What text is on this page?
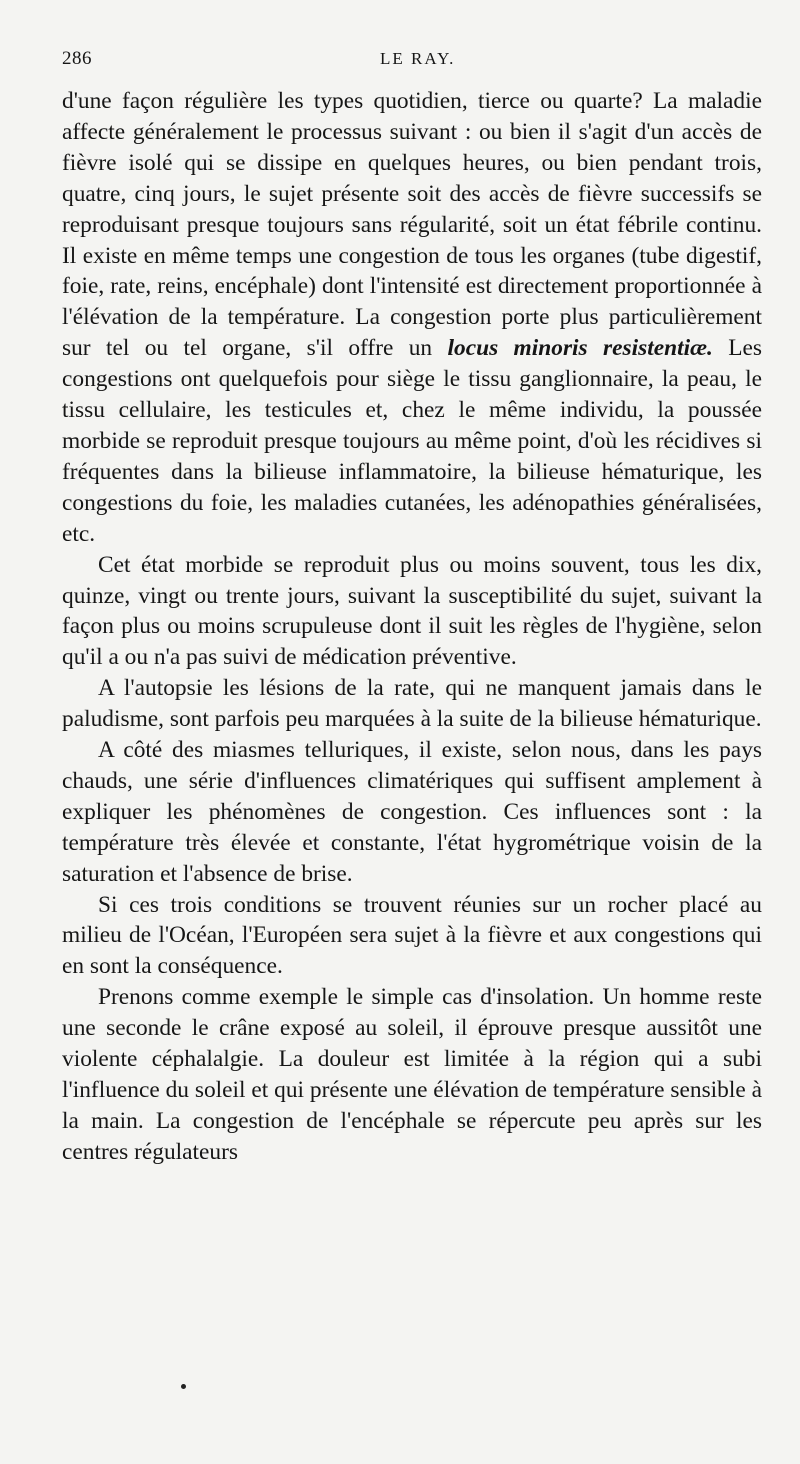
286	LE RAY.

d'une façon régulière les types quotidien, tierce ou quarte? La maladie affecte généralement le processus suivant : ou bien il s'agit d'un accès de fièvre isolé qui se dissipe en quelques heures, ou bien pendant trois, quatre, cinq jours, le sujet présente soit des accès de fièvre successifs se reproduisant presque toujours sans régularité, soit un état fébrile continu. Il existe en même temps une congestion de tous les organes (tube digestif, foie, rate, reins, encéphale) dont l'intensité est directement proportionnée à l'élévation de la température. La congestion porte plus particulièrement sur tel ou tel organe, s'il offre un locus minoris resistentiæ. Les congestions ont quelquefois pour siège le tissu ganglionnaire, la peau, le tissu cellulaire, les testicules et, chez le même individu, la poussée morbide se reproduit presque toujours au même point, d'où les récidives si fréquentes dans la bilieuse inflammatoire, la bilieuse hématurique, les congestions du foie, les maladies cutanées, les adénopathies généralisées, etc.

Cet état morbide se reproduit plus ou moins souvent, tous les dix, quinze, vingt ou trente jours, suivant la susceptibilité du sujet, suivant la façon plus ou moins scrupuleuse dont il suit les règles de l'hygiène, selon qu'il a ou n'a pas suivi de médication préventive.

A l'autopsie les lésions de la rate, qui ne manquent jamais dans le paludisme, sont parfois peu marquées à la suite de la bilieuse hématurique.

A côté des miasmes telluriques, il existe, selon nous, dans les pays chauds, une série d'influences climatériques qui suffisent amplement à expliquer les phénomènes de congestion. Ces influences sont : la température très élevée et constante, l'état hygrométrique voisin de la saturation et l'absence de brise.

Si ces trois conditions se trouvent réunies sur un rocher placé au milieu de l'Océan, l'Européen sera sujet à la fièvre et aux congestions qui en sont la conséquence.

Prenons comme exemple le simple cas d'insolation. Un homme reste une seconde le crâne exposé au soleil, il éprouve presque aussitôt une violente céphalalgie. La douleur est limitée à la région qui a subi l'influence du soleil et qui présente une élévation de température sensible à la main. La congestion de l'encéphale se répercute peu après sur les centres régulateurs
